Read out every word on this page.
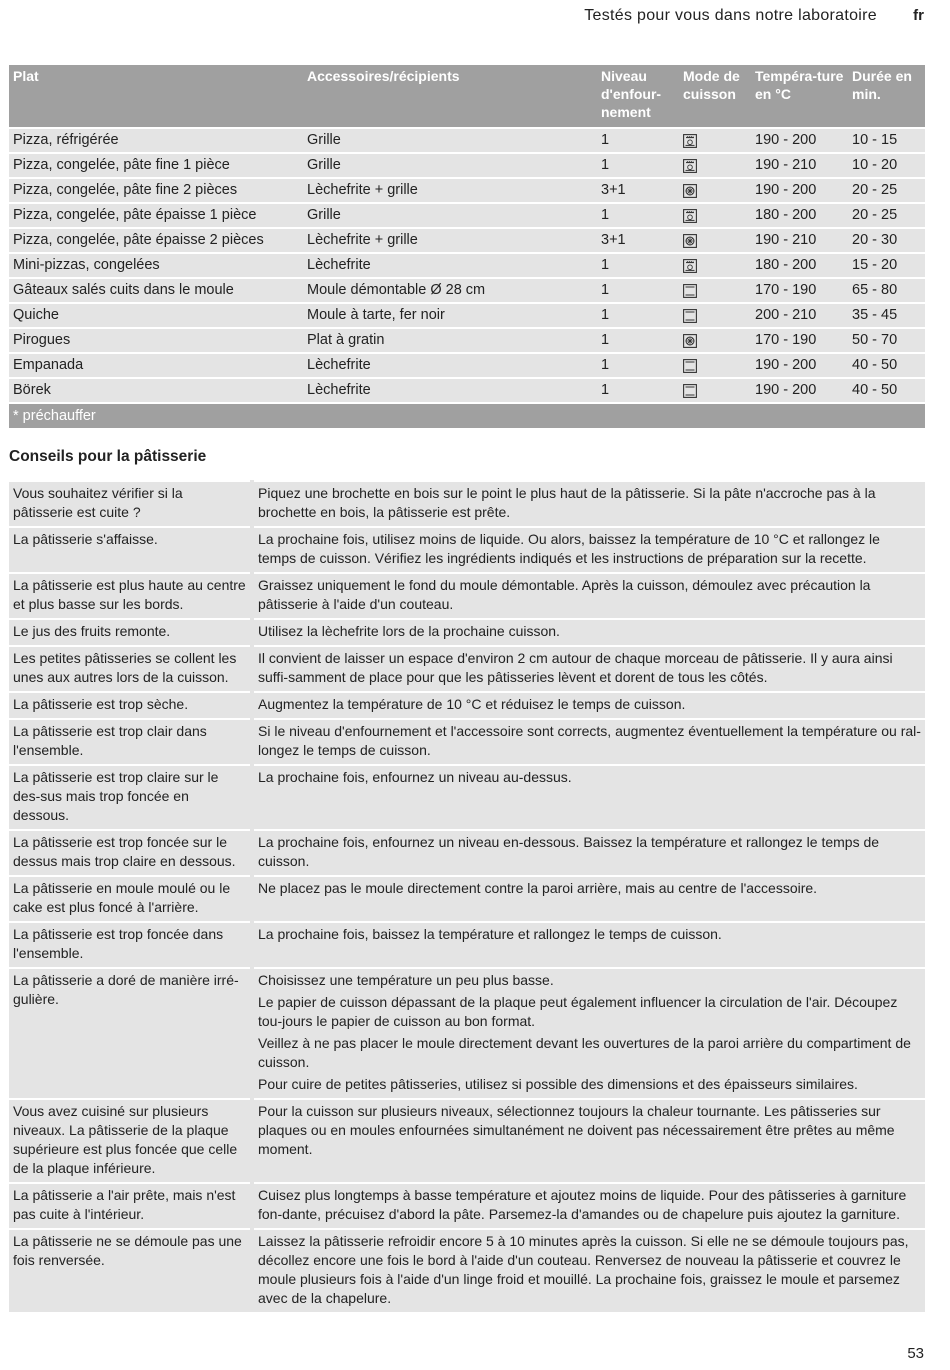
Testés pour vous dans notre laboratoire fr
Plat	Accessoires/récipients	Niveau d'enfour-nement	Mode de cuisson	Tempéra-ture en °C	Durée en min.
Pizza, réfrigérée	Grille	1		190 - 200	10 - 15
Pizza, congelée, pâte fine 1 pièce	Grille	1		190 - 210	10 - 20
Pizza, congelée, pâte fine 2 pièces	Lèchefrite + grille	3+1		190 - 200	20 - 25
Pizza, congelée, pâte épaisse 1 pièce	Grille	1		180 - 200	20 - 25
Pizza, congelée, pâte épaisse 2 pièces	Lèchefrite + grille	3+1		190 - 210	20 - 30
Mini-pizzas, congelées	Lèchefrite	1		180 - 200	15 - 20
Gâteaux salés cuits dans le moule	Moule démontable Ø 28 cm	1		170 - 190	65 - 80
Quiche	Moule à tarte, fer noir	1		200 - 210	35 - 45
Pirogues	Plat à gratin	1		170 - 190	50 - 70
Empanada	Lèchefrite	1		190 - 200	40 - 50
Börek	Lèchefrite	1		190 - 200	40 - 50
* préchauffer					
Conseils pour la pâtisserie
Vous souhaitez vérifier si la pâtisserie est cuite ?	Piquez une brochette en bois sur le point le plus haut de la pâtisserie. Si la pâte n'accroche pas à la brochette en bois, la pâtisserie est prête.

La pâtisserie s'affaisse.	La prochaine fois, utilisez moins de liquide. Ou alors, baissez la température de 10 °C et rallongez le temps de cuisson. Vérifiez les ingrédients indiqués et les instructions de préparation sur la recette.

La pâtisserie est plus haute au centre et plus basse sur les bords.	Graissez uniquement le fond du moule démontable. Après la cuisson, démoulez avec précaution la pâtisserie à l'aide d'un couteau.

Le jus des fruits remonte.	Utilisez la lèchefrite lors de la prochaine cuisson.

Les petites pâtisseries se collent les unes aux autres lors de la cuisson.	Il convient de laisser un espace d'environ 2 cm autour de chaque morceau de pâtisserie. Il y aura ainsi suffi-samment de place pour que les pâtisseries lèvent et dorent de tous les côtés.

La pâtisserie est trop sèche.	Augmentez la température de 10 °C et réduisez le temps de cuisson.

La pâtisserie est trop clair dans l'ensemble.	Si le niveau d'enfournement et l'accessoire sont corrects, augmentez éventuellement la température ou ral-longez le temps de cuisson.

La pâtisserie est trop claire sur le des-sus mais trop foncée en dessous.	La prochaine fois, enfournez un niveau au-dessus.

La pâtisserie est trop foncée sur le dessus mais trop claire en dessous.	La prochaine fois, enfournez un niveau en-dessous. Baissez la température et rallongez le temps de cuisson.

La pâtisserie en moule moulé ou le cake est plus foncé à l'arrière.	Ne placez pas le moule directement contre la paroi arrière, mais au centre de l'accessoire.

La pâtisserie est trop foncée dans l'ensemble.	La prochaine fois, baissez la température et rallongez le temps de cuisson.

La pâtisserie a doré de manière irré-gulière.	Choisissez une température un peu plus basse.

Le papier de cuisson dépassant de la plaque peut également influencer la circulation de l'air. Découpez tou-jours le papier de cuisson au bon format.

Veillez à ne pas placer le moule directement devant les ouvertures de la paroi arrière du compartiment de cuisson.

Pour cuire de petites pâtisseries, utilisez si possible des dimensions et des épaisseurs similaires.

Vous avez cuisiné sur plusieurs niveaux. La pâtisserie de la plaque supérieure est plus foncée que celle de la plaque inférieure.	Pour la cuisson sur plusieurs niveaux, sélectionnez toujours la chaleur tournante. Les pâtisseries sur plaques ou en moules enfournées simultanément ne doivent pas nécessairement être prêtes au même moment.

La pâtisserie a l'air prête, mais n'est pas cuite à l'intérieur.	Cuisez plus longtemps à basse température et ajoutez moins de liquide. Pour des pâtisseries à garniture fon-dante, précuisez d'abord la pâte. Parsemez-la d'amandes ou de chapelure puis ajoutez la garniture.

La pâtisserie ne se démoule pas une fois renversée.	Laissez la pâtisserie refroidir encore 5 à 10 minutes après la cuisson. Si elle ne se démoule toujours pas, décollez encore une fois le bord à l'aide d'un couteau. Renversez de nouveau la pâtisserie et couvrez le moule plusieurs fois à l'aide d'un linge froid et mouillé. La prochaine fois, graissez le moule et parsemez avec de la chapelure.

53
